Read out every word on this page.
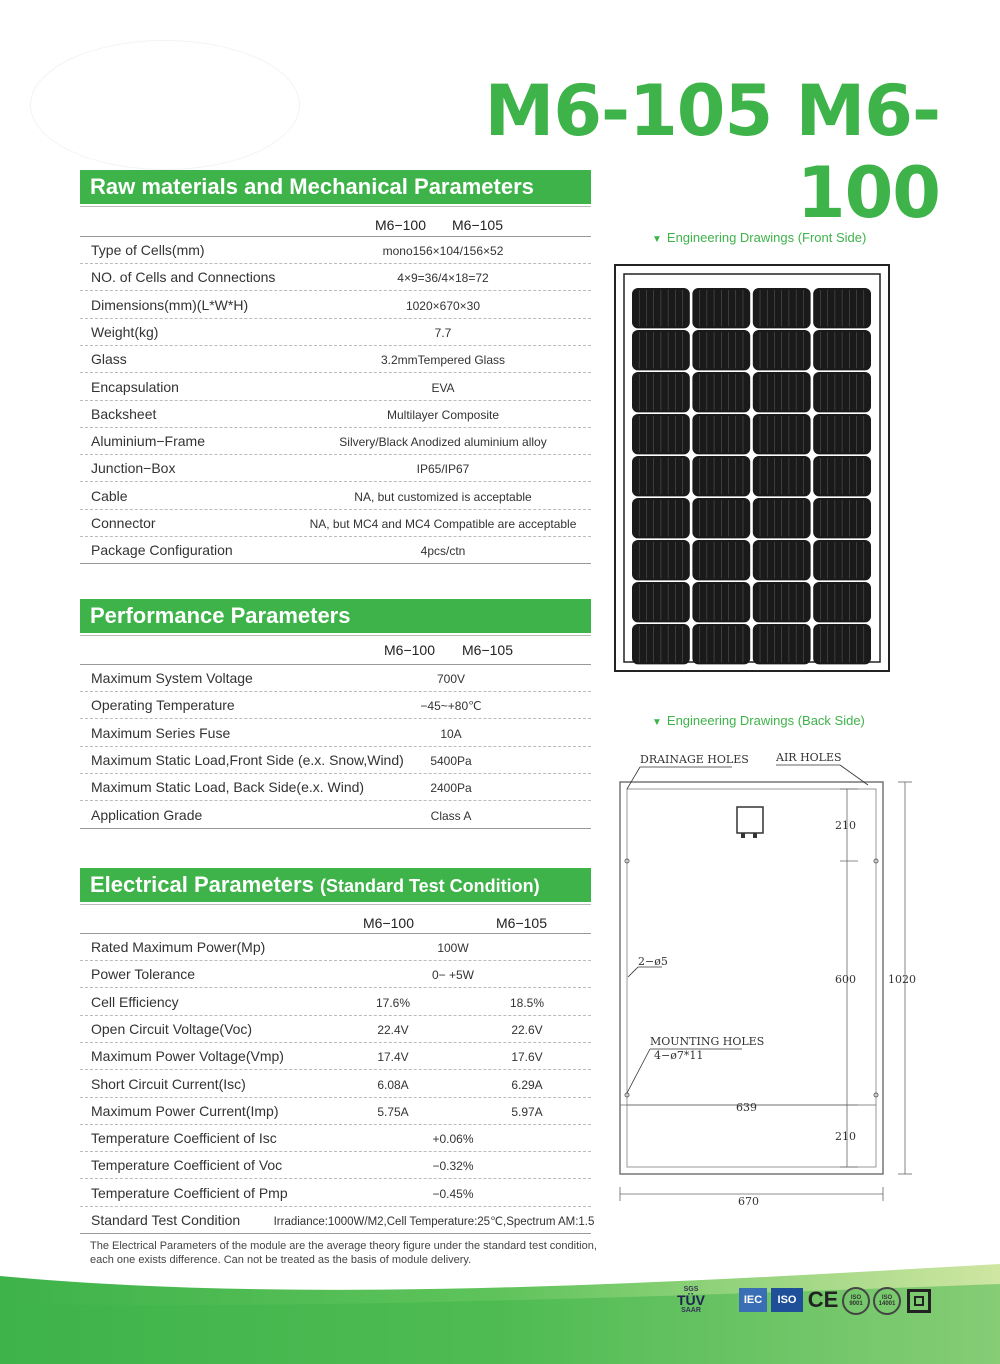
M6-105 M6-100
Raw materials and Mechanical Parameters
M6−100 M6−105
Type of Cells(mm)	mono156×104/156×52
NO. of Cells and Connections	4×9=36/4×18=72
Dimensions(mm)(L*W*H)	1020×670×30
Weight(kg)	7.7
Glass	3.2mmTempered Glass
Encapsulation	EVA
Backsheet	Multilayer Composite
Aluminium−Frame	Silvery/Black Anodized aluminium alloy
Junction−Box	IP65/IP67
Cable	NA, but customized is acceptable
Connector	NA, but MC4 and MC4 Compatible are acceptable
Package Configuration	4pcs/ctn
Performance Parameters
M6−100 M6−105
Maximum System Voltage	700V
Operating Temperature	−45~+80℃
Maximum Series Fuse	10A
Maximum Static Load,Front Side (e.x. Snow,Wind) 5400Pa
Maximum Static Load, Back Side(e.x. Wind)	2400Pa
Application Grade	Class A
Electrical Parameters (Standard Test Condition)
M6−100	M6−105
Rated Maximum Power(Mp)	100W
Power Tolerance	0− +5W
Cell Efficiency	17.6%	18.5%
Open Circuit Voltage(Voc)	22.4V	22.6V
Maximum Power Voltage(Vmp)	17.4V	17.6V
Short Circuit Current(Isc)	6.08A	6.29A
Maximum Power Current(Imp)	5.75A	5.97A
Temperature Coefficient of Isc	+0.06%
Temperature Coefficient of Voc	−0.32%
Temperature Coefficient of Pmp	−0.45%
Standard Test Condition	Irradiance:1000W/M2,Cell Temperature:25℃,Spectrum AM:1.5
The Electrical Parameters of the module are the average theory figure under the standard test condition, each one exists difference. Can not be treated as the basis of module delivery.
▼ Engineering Drawings (Front Side)
▼ Engineering Drawings (Back Side)
DRAINAGE HOLES AIR HOLES
210
600	1020
2−ø5
MOUNTING HOLES
4−ø7*11
639
210
670
SGS
TÜV
SAAR
IEC	ISO CE	ISO 9001
ISO 14001
